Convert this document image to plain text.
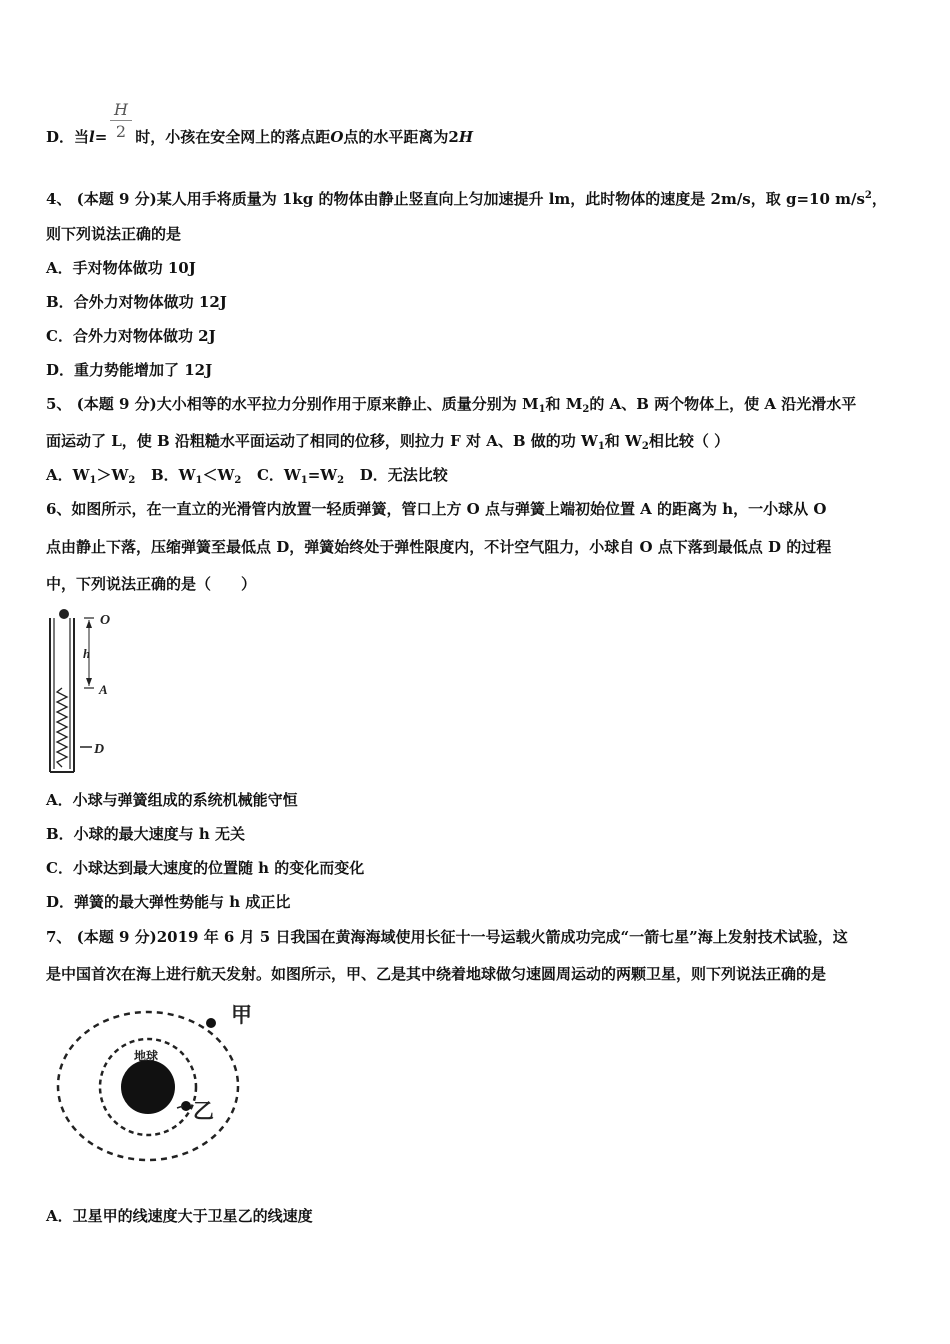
D．当l= 时，小孩在安全网上的落点距O点的水平距离为2H
H
2
4、 (本题 9 分)某人用手将质量为 1kg 的物体由静止竖直向上匀加速提升 lm，此时物体的速度是 2m/s，取 g=10 $m/s^2$，
则下列说法正确的是
A．手对物体做功 10J
B．合外力对物体做功 12J
C．合外力对物体做功 2J
D．重力势能增加了 12J
5、 (本题 9 分)大小相等的水平拉力分别作用于原来静止、质量分别为 $M_1$和 $M_2$的 A、B 两个物体上，使 A 沿光滑水平
面运动了 L，使 B 沿粗糙水平面运动了相同的位移，则拉力 F 对 A、B 做的功 $W_1$和 $W_2$相比较（ ）
A．$W_1>W_2$ B．$W_1<W_2$ C．$W_1=W_2$ D．无法比较
6、如图所示，在一直立的光滑管内放置一轻质弹簧，管口上方 O 点与弹簧上端初始位置 A 的距离为 h，一小球从 O
点由静止下落，压缩弹簧至最低点 D，弹簧始终处于弹性限度内，不计空气阻力，小球自 O 点下落到最低点 D 的过程
中，下列说法正确的是（　　）
O
h
A
D
A．小球与弹簧组成的系统机械能守恒
B．小球的最大速度与 h 无关
C．小球达到最大速度的位置随 h 的变化而变化
D．弹簧的最大弹性势能与 h 成正比
7、 (本题 9 分)2019 年 6 月 5 日我国在黄海海域使用长征十一号运载火箭成功完成“一箭七星”海上发射技术试验，这
是中国首次在海上进行航天发射。如图所示，甲、乙是其中绕着地球做匀速圆周运动的两颗卫星，则下列说法正确的是
地球
甲
乙
A．卫星甲的线速度大于卫星乙的线速度
